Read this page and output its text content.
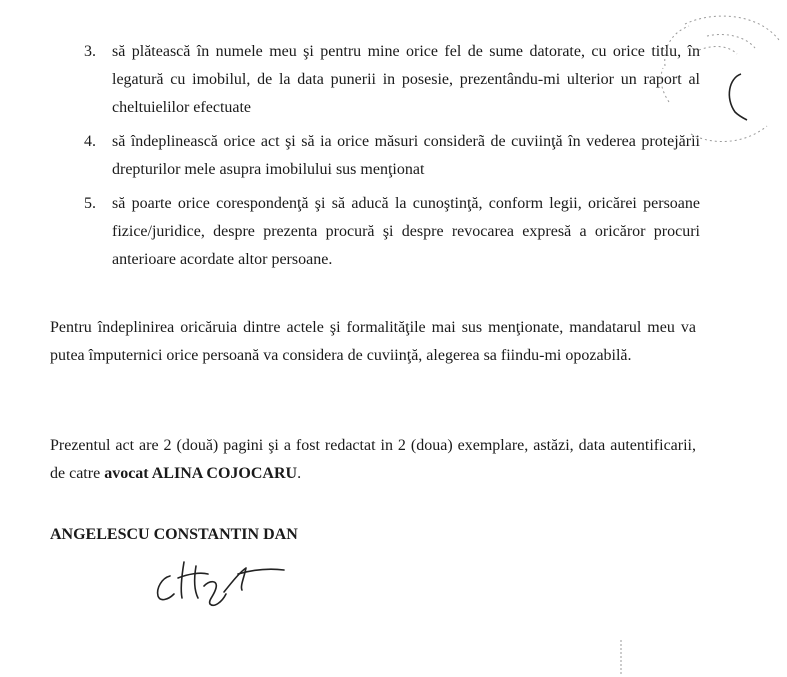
3. să plătească în numele meu şi pentru mine orice fel de sume datorate, cu orice titlu, în legatură cu imobilul, de la data punerii in posesie, prezentându-mi ulterior un raport al cheltuielilor efectuate
4. să îndeplinească orice act şi să ia orice măsuri considerã de cuviinţă în vederea protejării drepturilor mele asupra imobilului sus menţionat
5. să poarte orice corespondenţă şi să aducă la cunoştinţă, conform legii, oricărei persoane fizice/juridice, despre prezenta procură şi despre revocarea expresă a oricăror procuri anterioare acordate altor persoane.

Pentru îndeplinirea oricăruia dintre actele şi formalităţile mai sus menţionate, mandatarul meu va putea împuternici orice persoană va considera de cuviinţă, alegerea sa fiindu-mi opozabilă.

Prezentul act are 2 (două) pagini şi a fost redactat in 2 (doua) exemplare, astăzi, data autentificarii, de catre avocat ALINA COJOCARU.

ANGELESCU CONSTANTIN DAN
